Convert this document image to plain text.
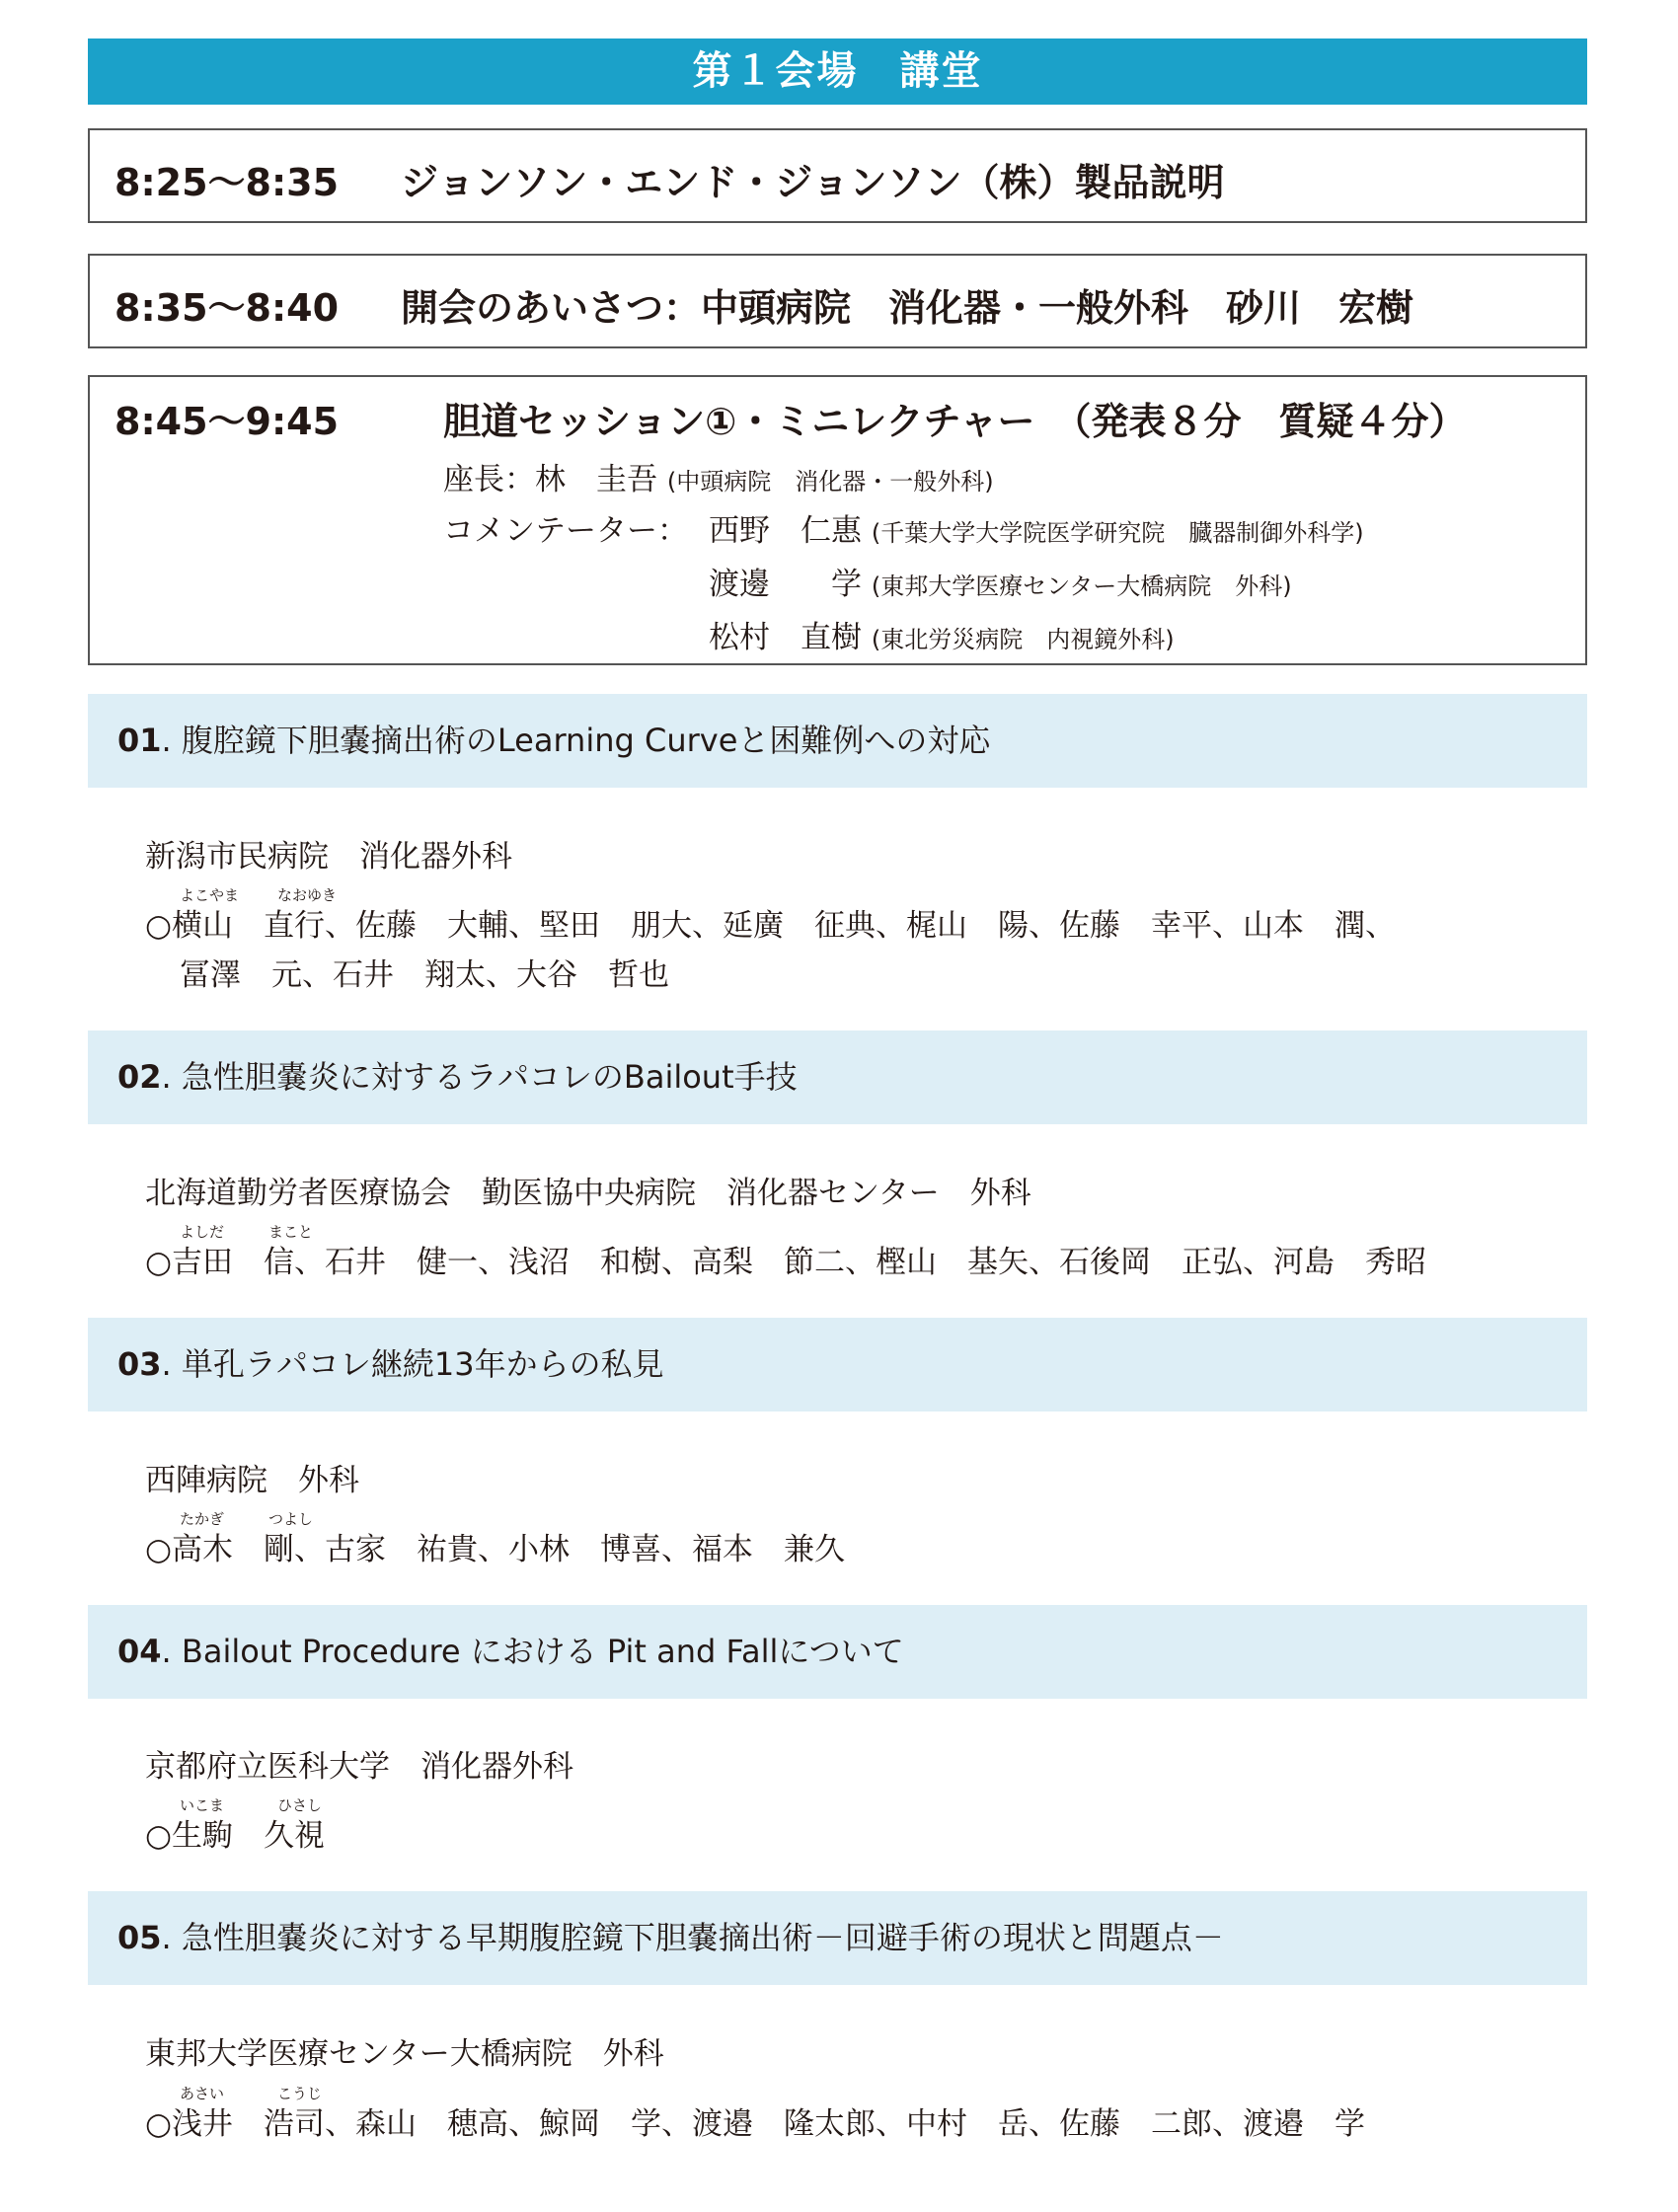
第１会場　講堂
8:25～8:35 ジョンソン・エンド・ジョンソン（株）製品説明
8:35～8:40 開会のあいさつ：中頭病院　消化器・一般外科　砂川　宏樹
8:45～9:45	胆道セッション①・ミニレクチャー　（発表８分　質疑４分）
座長：林　圭吾 (中頭病院　消化器・一般外科)
コメンテーター： 西野　仁惠 (千葉大学大学院医学研究院　臓器制御外科学)
渡邊　　学 (東邦大学医療センター大橋病院　外科)
松村　直樹 (東北労災病院　内視鏡外科)
01. 腹腔鏡下胆嚢摘出術のLearning Curveと困難例への対応
新潟市民病院　消化器外科
よこやま	なおゆき
○横山　直行、佐藤　大輔、堅田　朋大、延廣　征典、梶山　陽、佐藤　幸平、山本　潤、
冨澤　元、石井　翔太、大谷　哲也
02. 急性胆嚢炎に対するラパコレのBailout手技
北海道勤労者医療協会　勤医協中央病院　消化器センター　外科
よしだ	まこと
○吉田　信、石井　健一、浅沼　和樹、高梨　節二、樫山　基矢、石後岡　正弘、河島　秀昭
03. 単孔ラパコレ継続13年からの私見
西陣病院　外科
たかぎ	つよし
○高木　剛、古家　祐貴、小林　博喜、福本　兼久
04. Bailout Procedure における Pit and Fallについて
京都府立医科大学　消化器外科
いこま	ひさし
○生駒　久視
05. 急性胆嚢炎に対する早期腹腔鏡下胆嚢摘出術－回避手術の現状と問題点－
東邦大学医療センター大橋病院　外科
あさい	こうじ
○浅井　浩司、森山　穂高、鯨岡　学、渡邉　隆太郎、中村　岳、佐藤　二郎、渡邉　学
